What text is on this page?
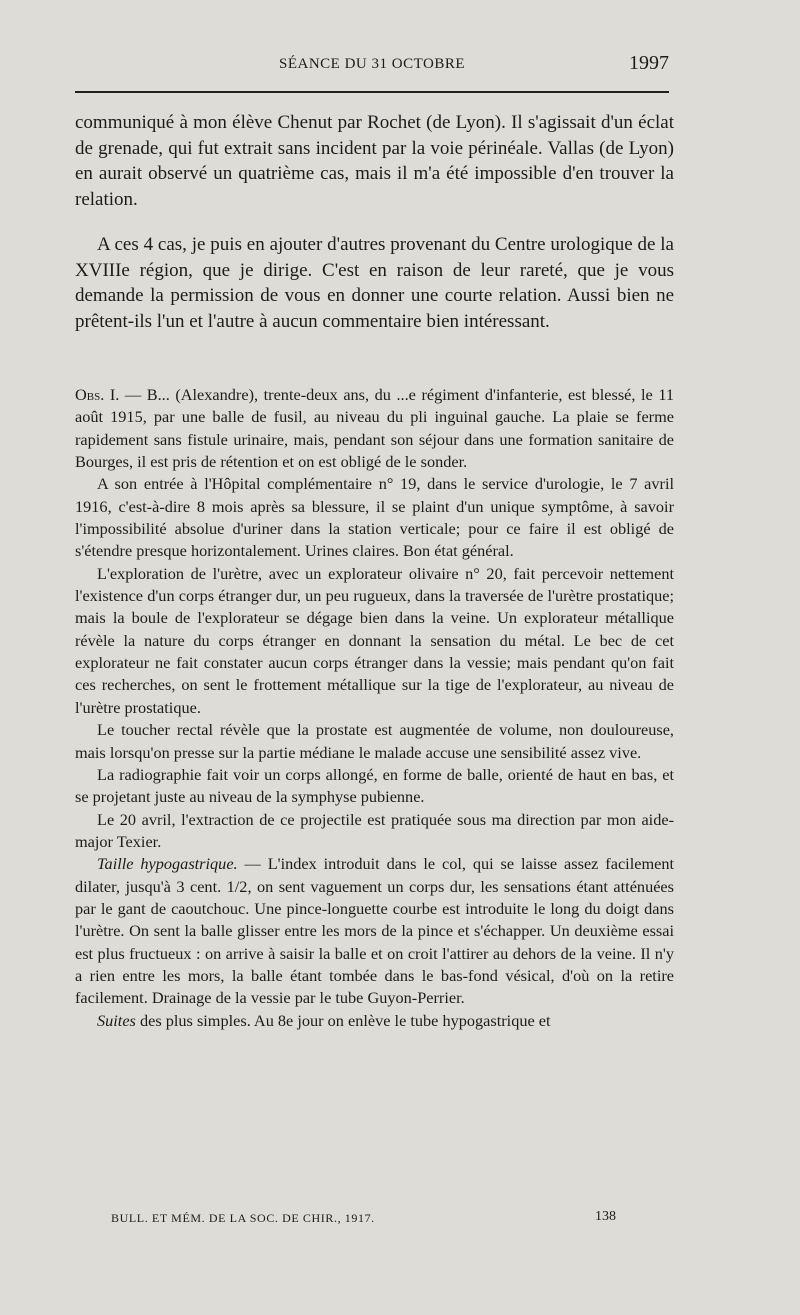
SÉANCE DU 31 OCTOBRE	1997

communiqué à mon élève Chenut par Rochet (de Lyon). Il s'agissait d'un éclat de grenade, qui fut extrait sans incident par la voie périnéale. Vallas (de Lyon) en aurait observé un quatrième cas, mais il m'a été impossible d'en trouver la relation.

A ces 4 cas, je puis en ajouter d'autres provenant du Centre urologique de la XVIIIe région, que je dirige. C'est en raison de leur rareté, que je vous demande la permission de vous en donner une courte relation. Aussi bien ne prêtent-ils l'un et l'autre à aucun commentaire bien intéressant.

Obs. I. — B... (Alexandre), trente-deux ans, du ...e régiment d'infanterie, est blessé, le 11 août 1915, par une balle de fusil, au niveau du pli inguinal gauche. La plaie se ferme rapidement sans fistule urinaire, mais, pendant son séjour dans une formation sanitaire de Bourges, il est pris de rétention et on est obligé de le sonder.

A son entrée à l'Hôpital complémentaire n° 19, dans le service d'urologie, le 7 avril 1916, c'est-à-dire 8 mois après sa blessure, il se plaint d'un unique symptôme, à savoir l'impossibilité absolue d'uriner dans la station verticale; pour ce faire il est obligé de s'étendre presque horizontalement. Urines claires. Bon état général.

L'exploration de l'urètre, avec un explorateur olivaire n° 20, fait percevoir nettement l'existence d'un corps étranger dur, un peu rugueux, dans la traversée de l'urètre prostatique; mais la boule de l'explorateur se dégage bien dans la veine. Un explorateur métallique révèle la nature du corps étranger en donnant la sensation du métal. Le bec de cet explorateur ne fait constater aucun corps étranger dans la vessie; mais pendant qu'on fait ces recherches, on sent le frottement métallique sur la tige de l'explorateur, au niveau de l'urètre prostatique.

Le toucher rectal révèle que la prostate est augmentée de volume, non douloureuse, mais lorsqu'on presse sur la partie médiane le malade accuse une sensibilité assez vive.

La radiographie fait voir un corps allongé, en forme de balle, orienté de haut en bas, et se projetant juste au niveau de la symphyse pubienne.

Le 20 avril, l'extraction de ce projectile est pratiquée sous ma direction par mon aide-major Texier.

Taille hypogastrique. — L'index introduit dans le col, qui se laisse assez facilement dilater, jusqu'à 3 cent. 1/2, on sent vaguement un corps dur, les sensations étant atténuées par le gant de caoutchouc. Une pince-longuette courbe est introduite le long du doigt dans l'urètre. On sent la balle glisser entre les mors de la pince et s'échapper. Un deuxième essai est plus fructueux : on arrive à saisir la balle et on croit l'attirer au dehors de la veine. Il n'y a rien entre les mors, la balle étant tombée dans le bas-fond vésical, d'où on la retire facilement. Drainage de la vessie par le tube Guyon-Perrier.

Suites des plus simples. Au 8e jour on enlève le tube hypogastrique et

BULL. ET MÉM. DE LA SOC. DE CHIR., 1917.	138
